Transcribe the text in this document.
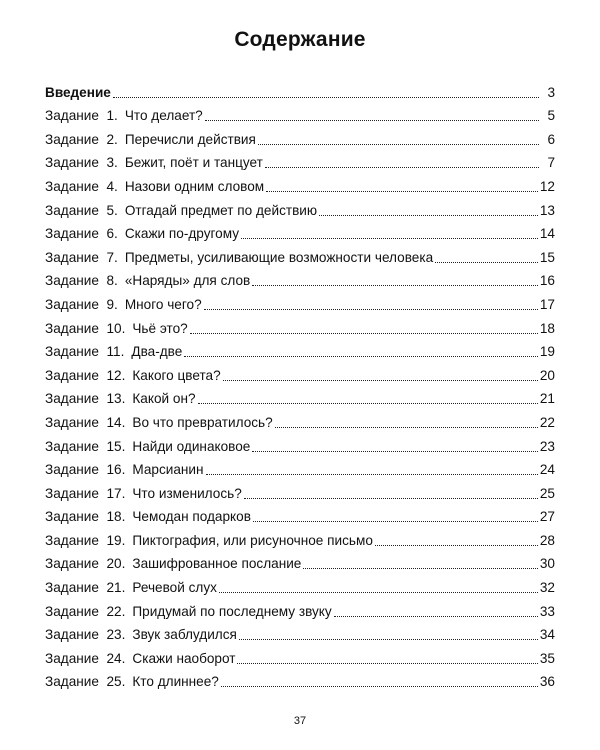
Содержание
Введение	3
Задание  1. Что делает?	5
Задание  2. Перечисли действия	6
Задание  3. Бежит, поёт и танцует	7
Задание  4. Назови одним словом	12
Задание  5. Отгадай предмет по действию	13
Задание  6. Скажи по-другому	14
Задание  7. Предметы, усиливающие возможности человека	15
Задание  8. «Наряды» для слов	16
Задание  9. Много чего?	17
Задание  10. Чьё это?	18
Задание  11. Два-две	19
Задание  12. Какого цвета?	20
Задание  13. Какой он?	21
Задание  14. Во что превратилось?	22
Задание  15. Найди одинаковое	23
Задание  16. Марсианин	24
Задание  17. Что изменилось?	25
Задание  18. Чемодан подарков	27
Задание  19. Пиктография, или рисуночное письмо	28
Задание  20. Зашифрованное послание	30
Задание  21. Речевой слух	32
Задание  22. Придумай по последнему звуку	33
Задание  23. Звук заблудился	34
Задание  24. Скажи наоборот	35
Задание  25. Кто длиннее?	36
37
